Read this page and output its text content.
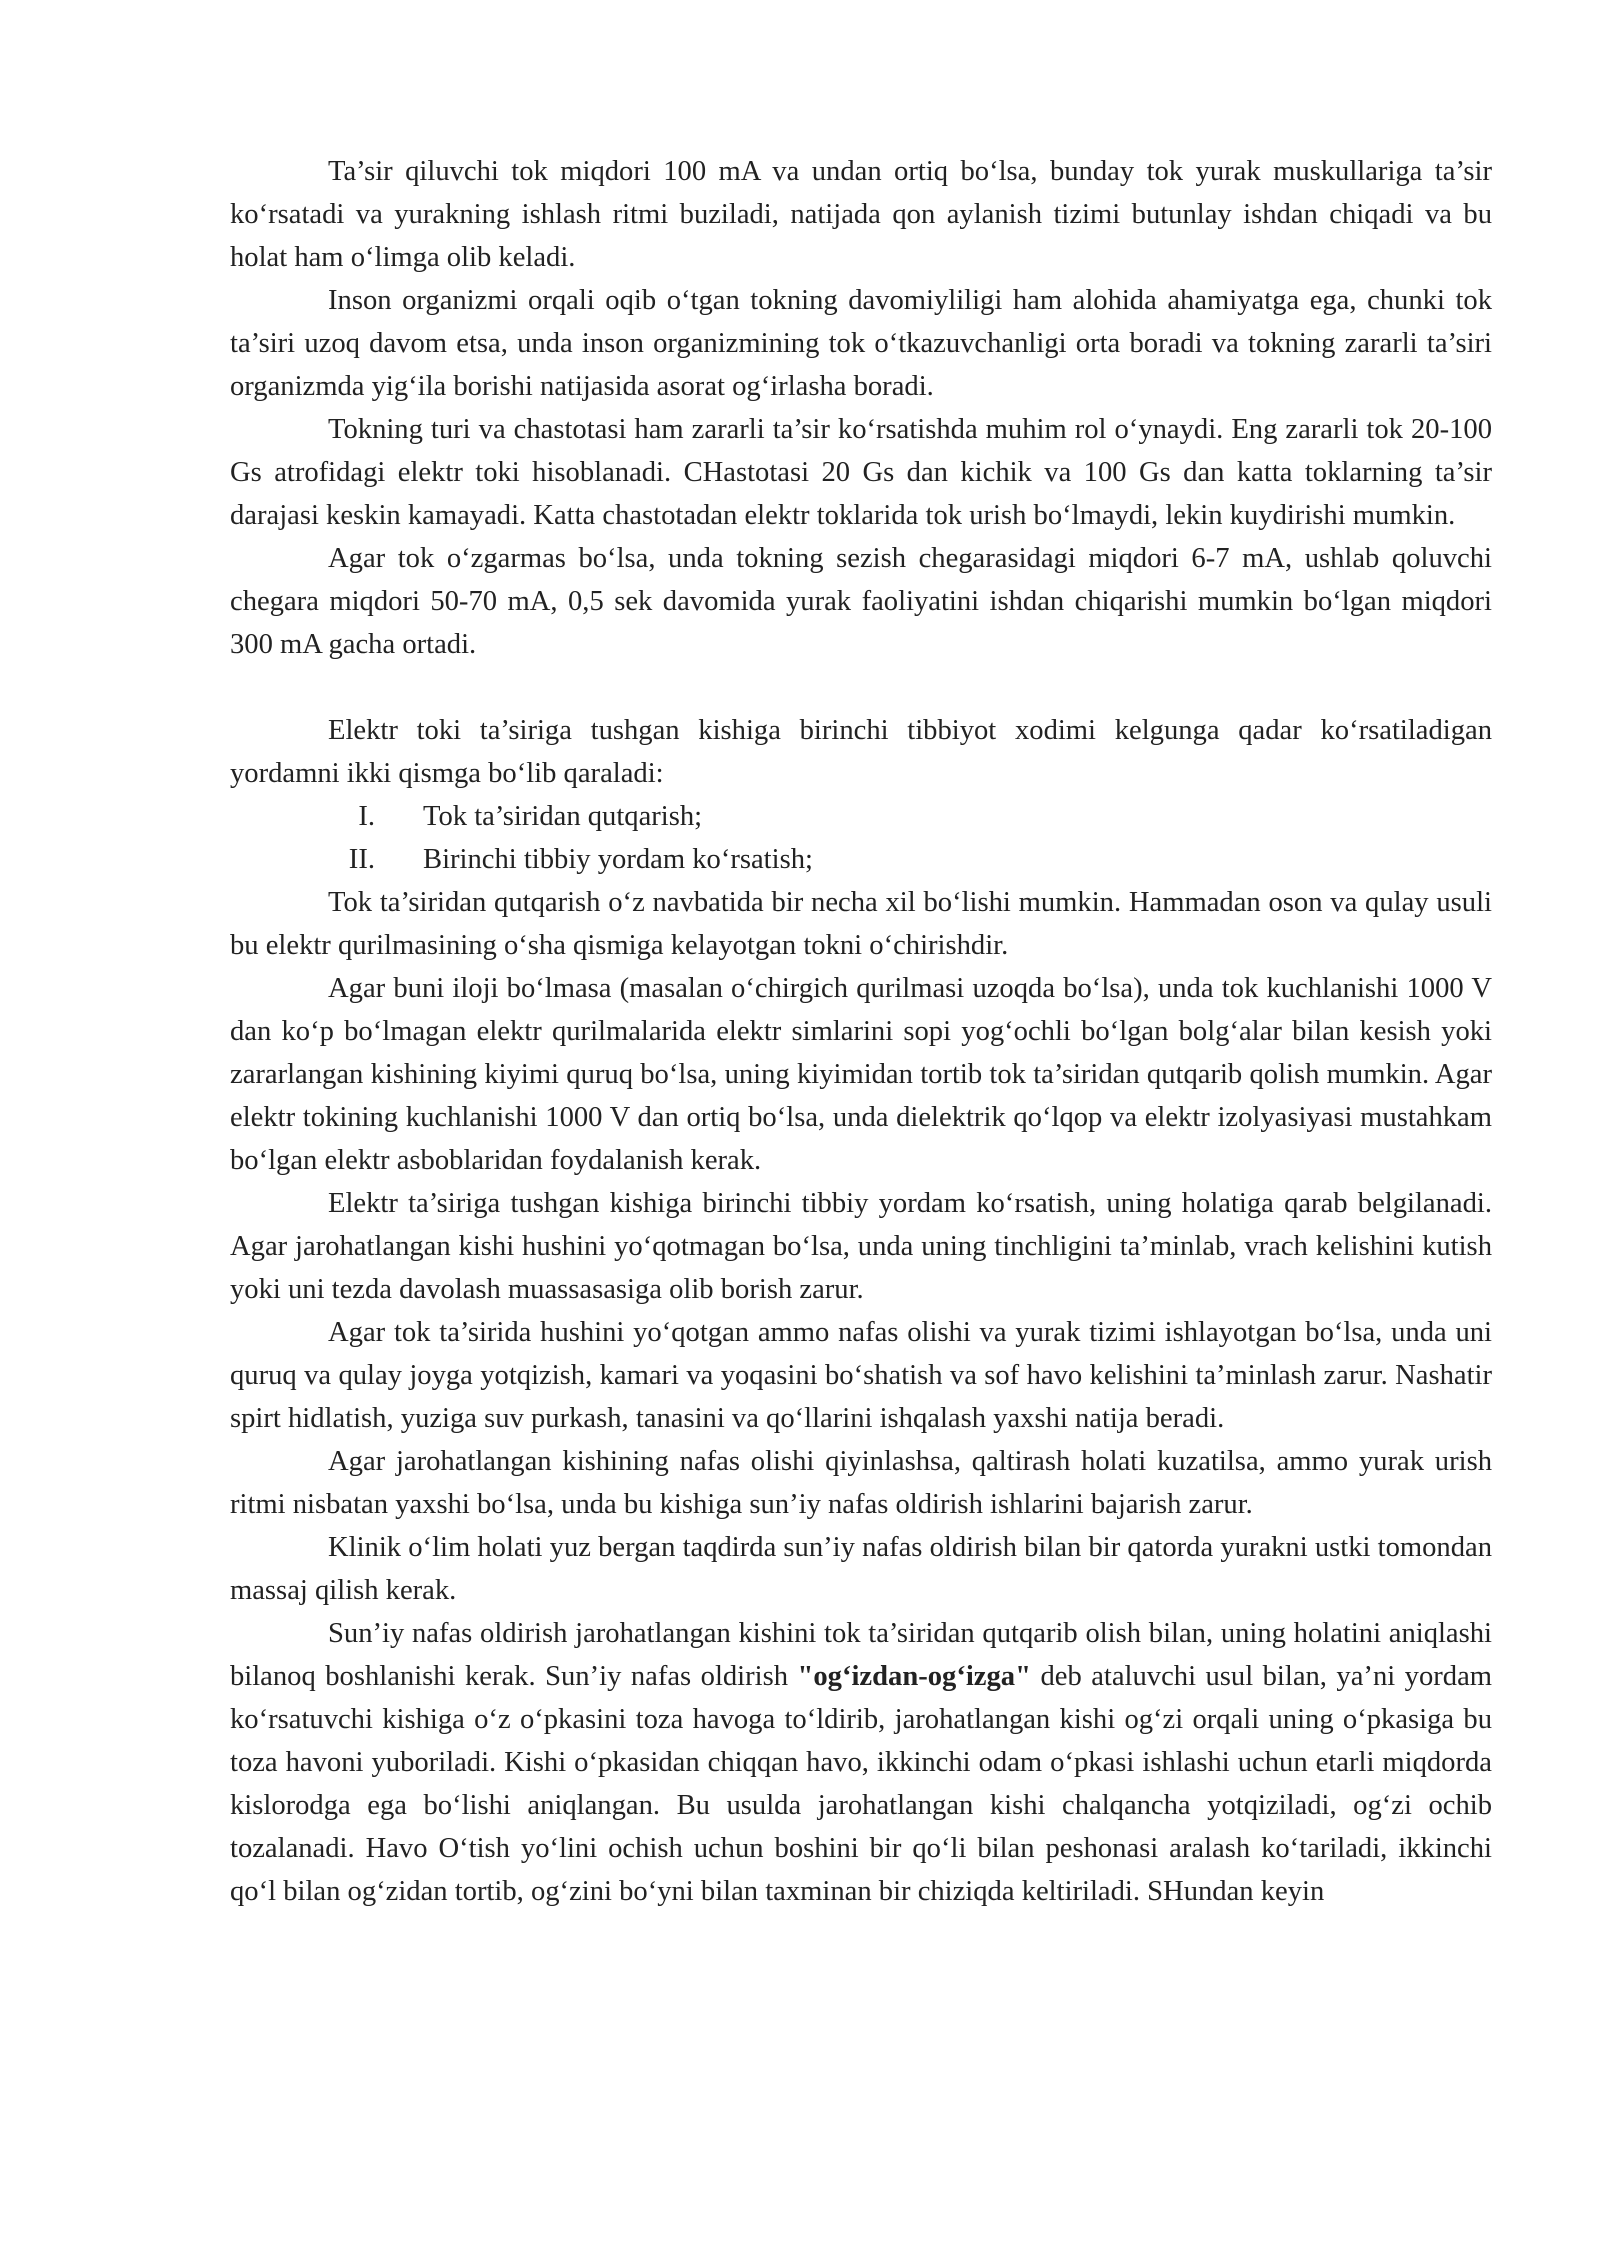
Ta’sir qiluvchi tok miqdori 100 mA va undan ortiq bo‘lsa, bunday tok yurak muskullariga ta’sir ko‘rsatadi va yurakning ishlash ritmi buziladi, natijada qon aylanish tizimi butunlay ishdan chiqadi va bu holat ham o‘limga olib keladi.

Inson organizmi orqali oqib o‘tgan tokning davomiyliligi ham alohida ahamiyatga ega, chunki tok ta’siri uzoq davom etsa, unda inson organizmining tok o‘tkazuvchanligi orta boradi va tokning zararli ta’siri organizmda yig‘ila borishi natijasida asorat og‘irlasha boradi.

Tokning turi va chastotasi ham zararli ta’sir ko‘rsatishda muhim rol o‘ynaydi. Eng zararli tok 20-100 Gs atrofidagi elektr toki hisoblanadi. CHastotasi 20 Gs dan kichik va 100 Gs dan katta toklarning ta’sir darajasi keskin kamayadi. Katta chastotadan elektr toklarida tok urish bo‘lmaydi, lekin kuydirishi mumkin.

Agar tok o‘zgarmas bo‘lsa, unda tokning sezish chegarasidagi miqdori 6-7 mA, ushlab qoluvchi chegara miqdori 50-70 mA, 0,5 sek davomida yurak faoliyatini ishdan chiqarishi mumkin bo‘lgan miqdori 300 mA gacha ortadi.

Elektr toki ta’siriga tushgan kishiga birinchi tibbiyot xodimi kelgunga qadar ko‘rsatiladigan yordamni ikki qismga bo‘lib qaraladi:

I. Tok ta’siridan qutqarish;

II. Birinchi tibbiy yordam ko‘rsatish;

Tok ta’siridan qutqarish o‘z navbatida bir necha xil bo‘lishi mumkin. Hammadan oson va qulay usuli bu elektr qurilmasining o‘sha qismiga kelayotgan tokni o‘chirishdir.

Agar buni iloji bo‘lmasa (masalan o‘chirgich qurilmasi uzoqda bo‘lsa), unda tok kuchlanishi 1000 V dan ko‘p bo‘lmagan elektr qurilmalarida elektr simlarini sopi yog‘ochli bo‘lgan bolg‘alar bilan kesish yoki zararlangan kishining kiyimi quruq bo‘lsa, uning kiyimidan tortib tok ta’siridan qutqarib qolish mumkin. Agar elektr tokining kuchlanishi 1000 V dan ortiq bo‘lsa, unda dielektrik qo‘lqop va elektr izolyasiyasi mustahkam bo‘lgan elektr asboblaridan foydalanish kerak.

Elektr ta’siriga tushgan kishiga birinchi tibbiy yordam ko‘rsatish, uning holatiga qarab belgilanadi. Agar jarohatlangan kishi hushini yo‘qotmagan bo‘lsa, unda uning tinchligini ta’minlab, vrach kelishini kutish yoki uni tezda davolash muassasasiga olib borish zarur.

Agar tok ta’sirida hushini yo‘qotgan ammo nafas olishi va yurak tizimi ishlayotgan bo‘lsa, unda uni quruq va qulay joyga yotqizish, kamari va yoqasini bo‘shatish va sof havo kelishini ta’minlash zarur. Nashatir spirt hidlatish, yuziga suv purkash, tanasini va qo‘llarini ishqalash yaxshi natija beradi.

Agar jarohatlangan kishining nafas olishi qiyinlashsa, qaltirash holati kuzatilsa, ammo yurak urish ritmi nisbatan yaxshi bo‘lsa, unda bu kishiga sun’iy nafas oldirish ishlarini bajarish zarur.

Klinik o‘lim holati yuz bergan taqdirda sun’iy nafas oldirish bilan bir qatorda yurakni ustki tomondan massaj qilish kerak.

Sun’iy nafas oldirish jarohatlangan kishini tok ta’siridan qutqarib olish bilan, uning holatini aniqlashi bilanoq boshlanishi kerak. Sun’iy nafas oldirish "og‘izdan-og‘izga" deb ataluvchi usul bilan, ya’ni yordam ko‘rsatuvchi kishiga o‘z o‘pkasini toza havoga to‘ldirib, jarohatlangan kishi og‘zi orqali uning o‘pkasiga bu toza havoni yuboriladi. Kishi o‘pkasidan chiqqan havo, ikkinchi odam o‘pkasi ishlashi uchun etarli miqdorda kislorodga ega bo‘lishi aniqlangan. Bu usulda jarohatlangan kishi chalqancha yotqiziladi, og‘zi ochib tozalanadi. Havo O‘tish yo‘lini ochish uchun boshini bir qo‘li bilan peshonasi aralash ko‘tariladi, ikkinchi qo‘l bilan og‘zidan tortib, og‘zini bo‘yni bilan taxminan bir chiziqda keltiriladi. SHundan keyin
